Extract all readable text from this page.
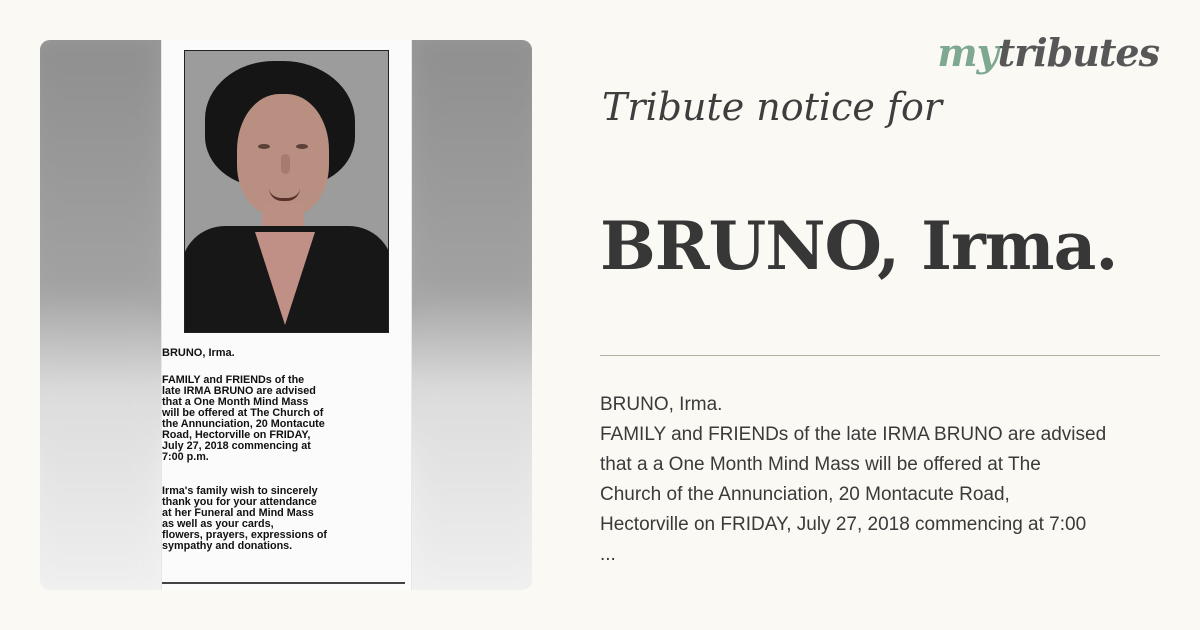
BRUNO, Irma.
FAMILY and FRIENDs of the
late IRMA BRUNO are advised
that a One Month Mind Mass
will be offered at The Church of
the Annunciation, 20 Montacute
Road, Hectorville on FRIDAY,
July 27, 2018 commencing at
7:00 p.m.
Irma's family wish to sincerely
thank you for your attendance
at her Funeral and Mind Mass
as well as your cards,
flowers, prayers, expressions of
sympathy and donations.
mytributes
Tribute notice for
BRUNO, Irma.
BRUNO, Irma.
FAMILY and FRIENDs of the late IRMA BRUNO are advised
that a a One Month Mind Mass will be offered at The
Church of the Annunciation, 20 Montacute Road,
Hectorville on FRIDAY, July 27, 2018 commencing at 7:00
...
